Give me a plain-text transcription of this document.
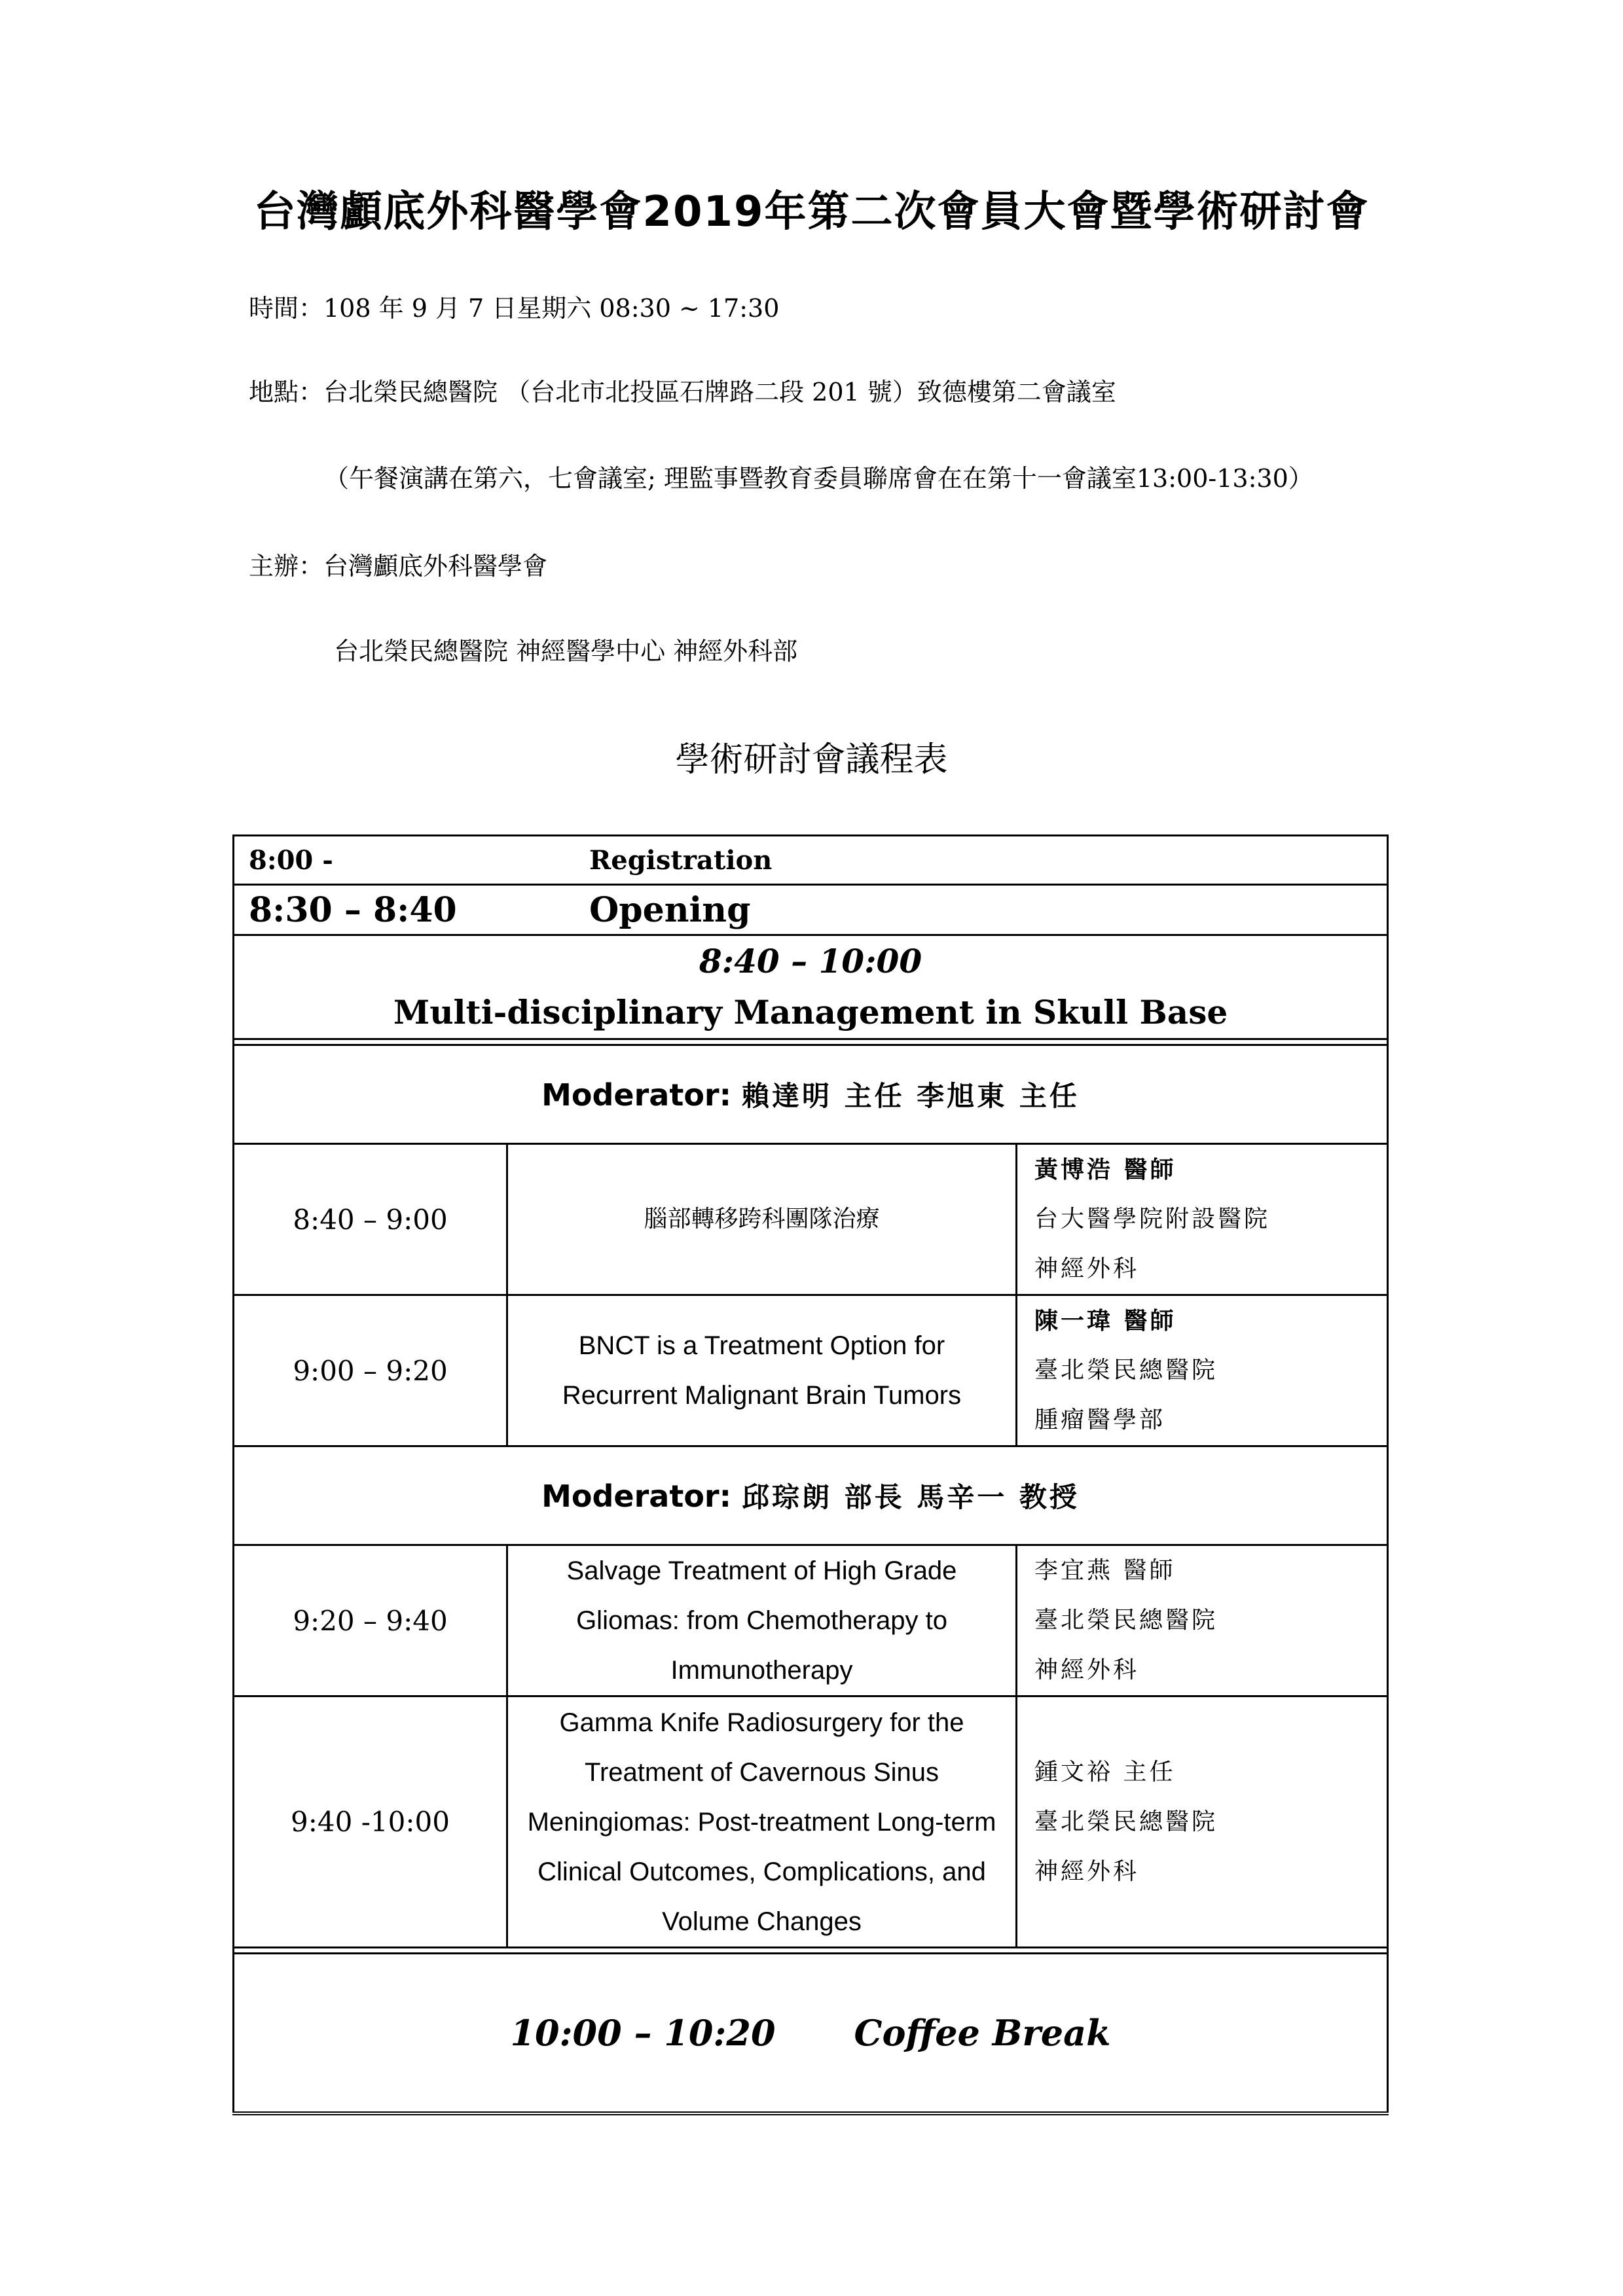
台灣顱底外科醫學會2019年第二次會員大會暨學術研討會
時間：108 年 9 月 7 日星期六 08:30 ~ 17:30
地點：台北榮民總醫院 （台北市北投區石牌路二段 201 號）致德樓第二會議室
（午餐演講在第六，七會議室; 理監事暨教育委員聯席會在在第十一會議室13:00-13:30）
主辦：台灣顱底外科醫學會
台北榮民總醫院 神經醫學中心 神經外科部
學術研討會議程表
8:00 - Registration		
8:30 – 8:40 Opening		

8:40 – 10:00
Multi-disciplinary Management in Skull Base		

Moderator: 賴達明 主任 李旭東 主任		
8:40 – 9:00	腦部轉移跨科團隊治療	黃博浩 醫師
台大醫學院附設醫院
神經外科

9:00 – 9:20	BNCT is a Treatment Option for Recurrent Malignant Brain Tumors	陳一瑋 醫師
臺北榮民總醫院
腫瘤醫學部

Moderator: 邱琮朗 部長 馬辛一 教授		
9:20 – 9:40	Salvage Treatment of High Grade Gliomas: from Chemotherapy to Immunotherapy	李宜燕 醫師
臺北榮民總醫院
神經外科

9:40 -10:00	Gamma Knife Radiosurgery for the Treatment of Cavernous Sinus Meningiomas: Post-treatment Long-term Clinical Outcomes, Complications, and Volume Changes	鍾文裕 主任
臺北榮民總醫院
神經外科

10:00 – 10:20 Coffee Break		
